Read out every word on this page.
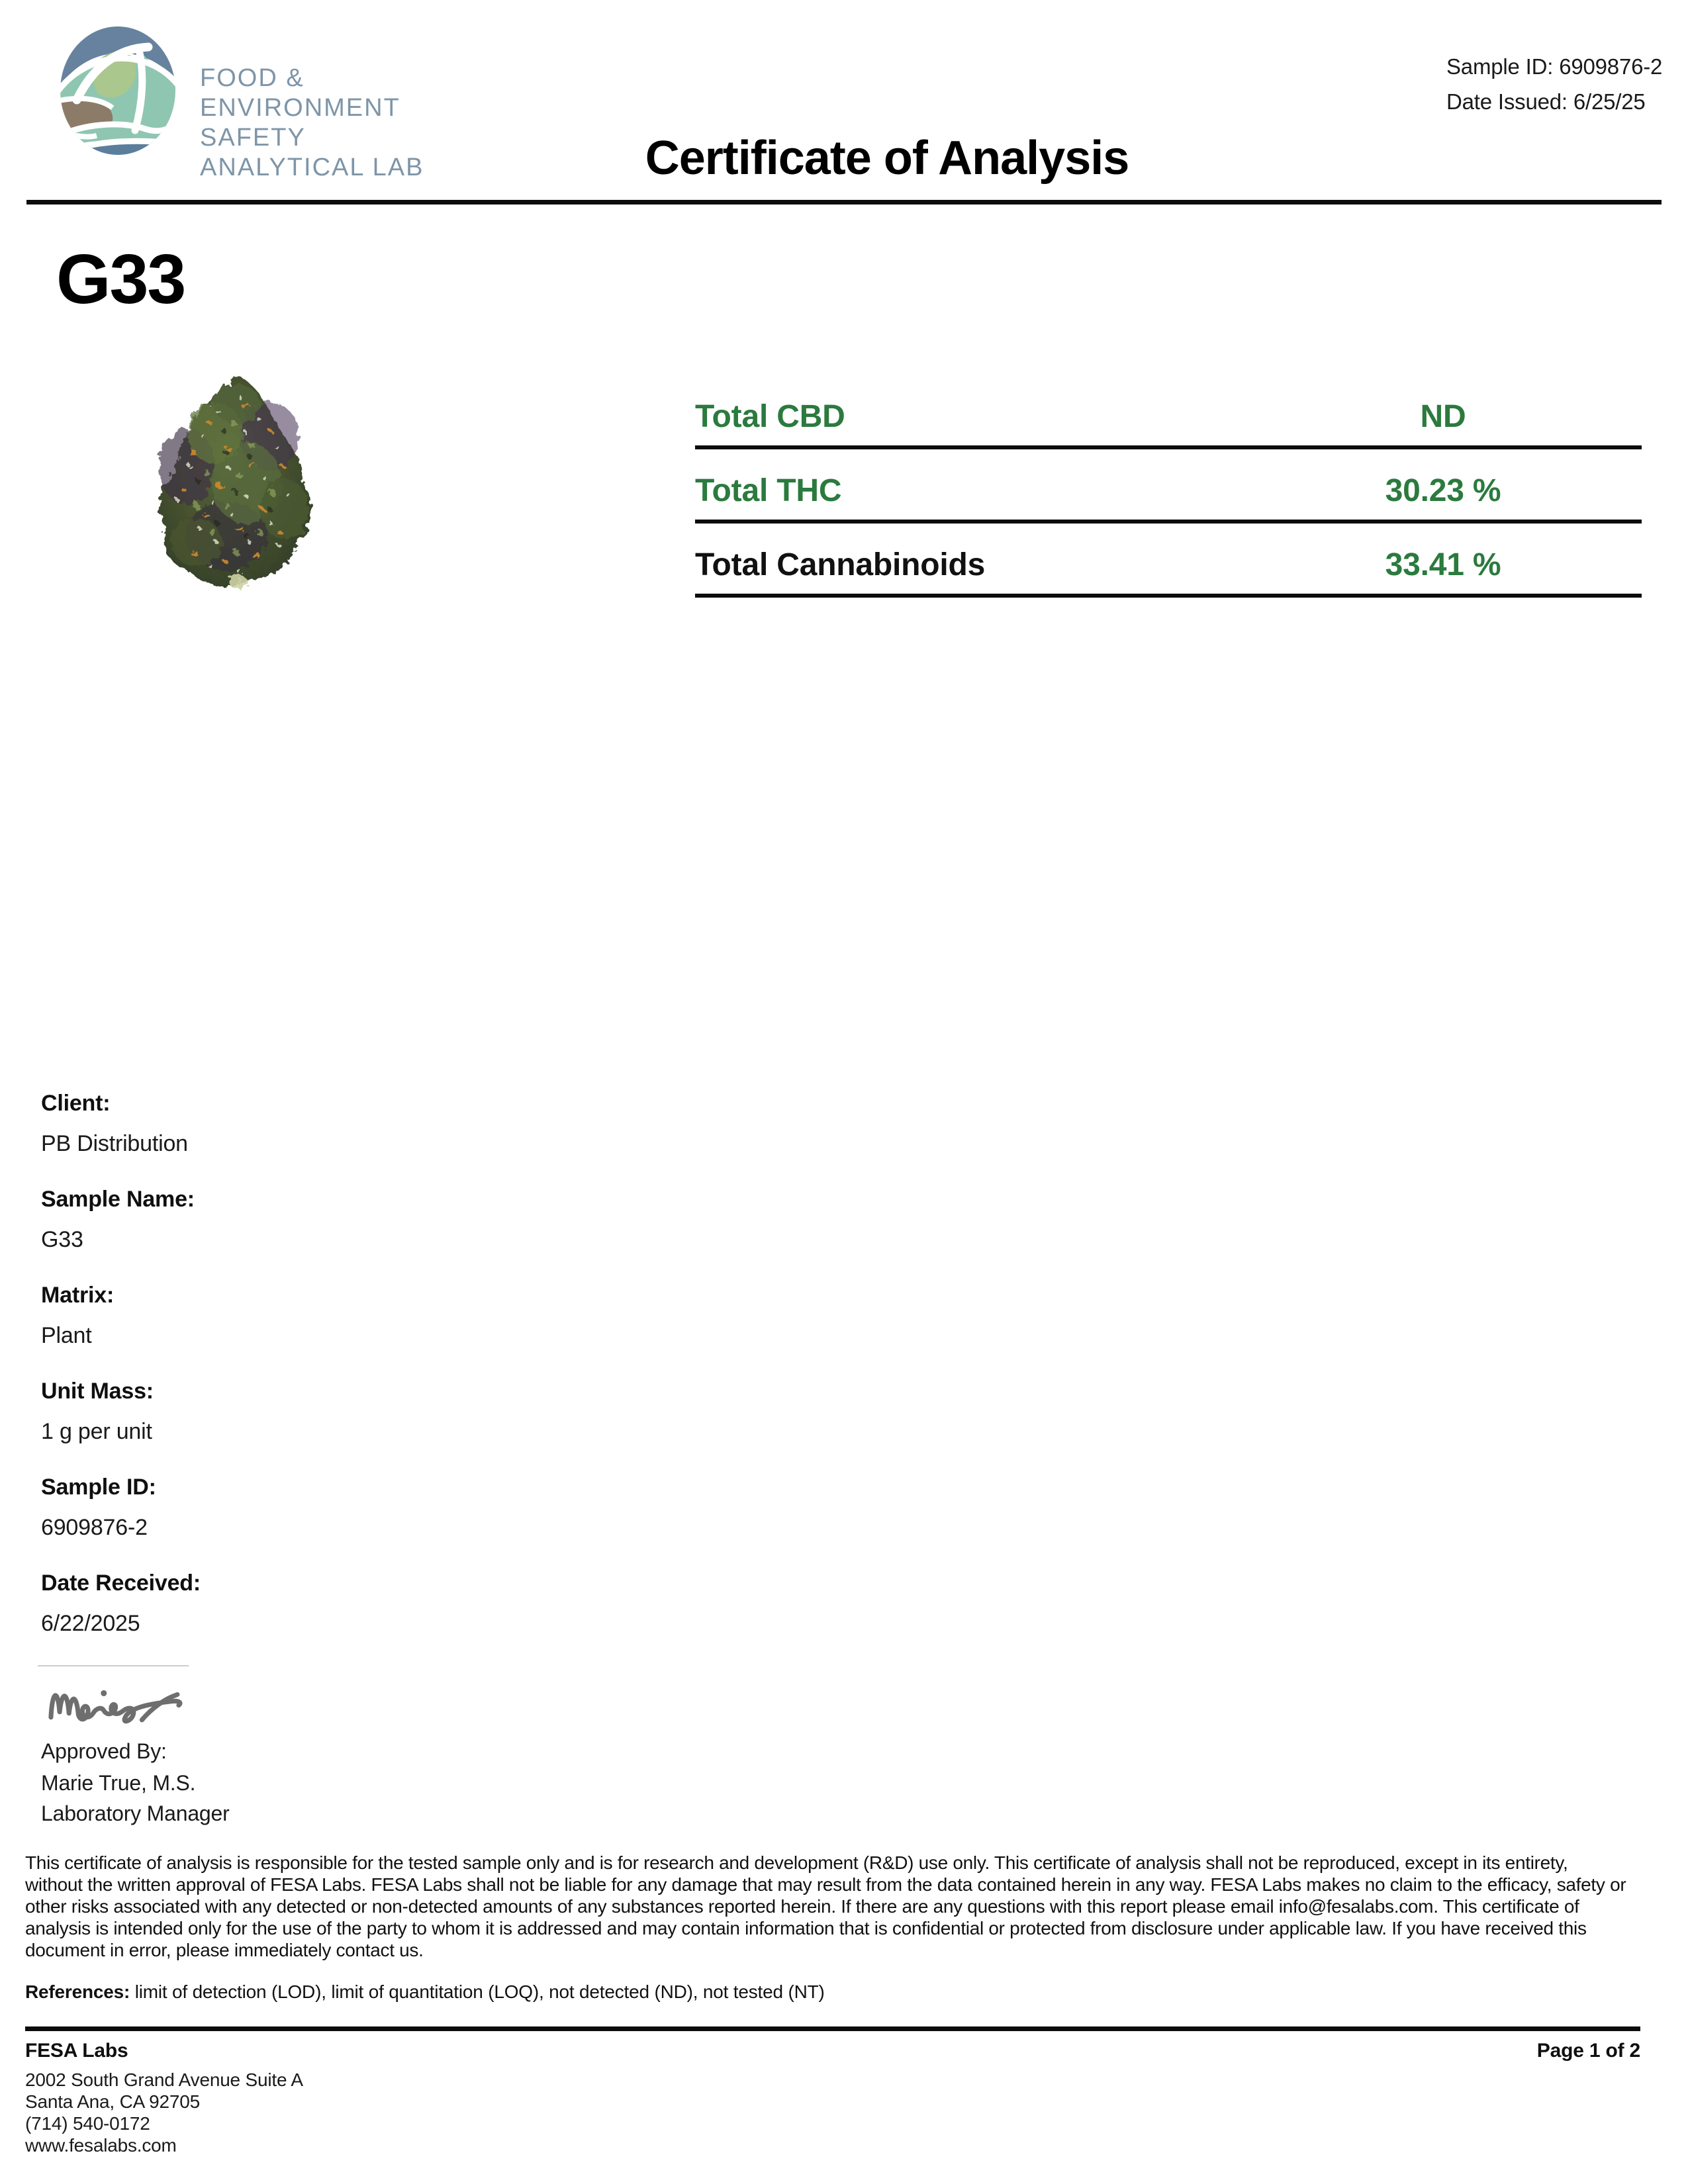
FOOD &
ENVIRONMENT
SAFETY
ANALYTICAL LAB	Certificate of Analysis
Sample ID: 6909876-2
Date Issued: 6/25/25
G33
Total CBD	ND
Total THC	30.23 %
Total Cannabinoids	33.41 %
Client:
PB Distribution
Sample Name:
G33
Matrix:
Plant
Unit Mass:
1 g per unit
Sample ID:
6909876-2
Date Received:
6/22/2025
Approved By:
Marie True, M.S.
Laboratory Manager

This certificate of analysis is responsible for the tested sample only and is for research and development (R&D) use only. This certificate of analysis shall not be reproduced, except in its entirety, without the written approval of FESA Labs. FESA Labs shall not be liable for any damage that may result from the data contained herein in any way. FESA Labs makes no claim to the efficacy, safety or other risks associated with any detected or non-detected amounts of any substances reported herein. If there are any questions with this report please email info@fesalabs.com. This certificate of analysis is intended only for the use of the party to whom it is addressed and may contain information that is confidential or protected from disclosure under applicable law. If you have received this document in error, please immediately contact us.

References: limit of detection (LOD), limit of quantitation (LOQ), not detected (ND), not tested (NT)

FESA Labs	Page 1 of 2
2002 South Grand Avenue Suite A
Santa Ana, CA 92705
(714) 540-0172
www.fesalabs.com
